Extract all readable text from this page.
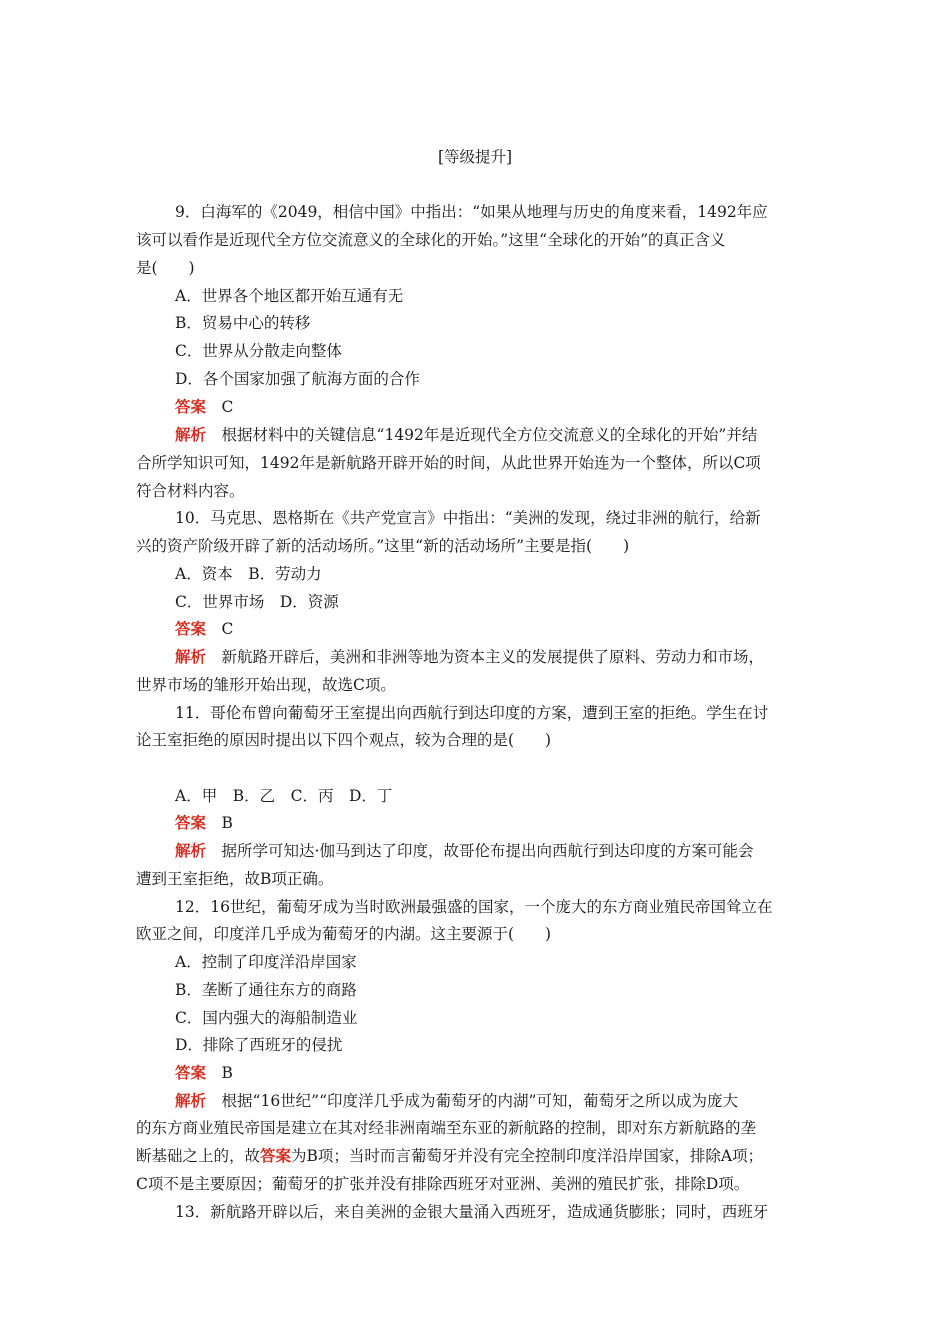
[等级提升]
9．白海军的《2049，相信中国》中指出：“如果从地理与历史的角度来看，1492年应
该可以看作是近现代全方位交流意义的全球化的开始。”这里“全球化的开始”的真正含义
是(　　)
A．世界各个地区都开始互通有无
B．贸易中心的转移
C．世界从分散走向整体
D．各个国家加强了航海方面的合作
答案　 C
解析　 根据材料中的关键信息“1492年是近现代全方位交流意义的全球化的开始”并结
合所学知识可知，1492年是新航路开辟开始的时间，从此世界开始连为一个整体，所以C项
符合材料内容。
10．马克思、恩格斯在《共产党宣言》中指出：“美洲的发现，绕过非洲的航行，给新
兴的资产阶级开辟了新的活动场所。”这里“新的活动场所”主要是指(　　)
A．资本　B．劳动力
C．世界市场　D．资源
答案　 C
解析　 新航路开辟后，美洲和非洲等地为资本主义的发展提供了原料、劳动力和市场，
世界市场的雏形开始出现，故选C项。
11．哥伦布曾向葡萄牙王室提出向西航行到达印度的方案，遭到王室的拒绝。学生在讨
论王室拒绝的原因时提出以下四个观点，较为合理的是(　　)
A．甲　B．乙　C．丙　D．丁
答案　 B
解析　 据所学可知达·伽马到达了印度，故哥伦布提出向西航行到达印度的方案可能会
遭到王室拒绝，故B项正确。
12．16世纪，葡萄牙成为当时欧洲最强盛的国家，一个庞大的东方商业殖民帝国耸立在
欧亚之间，印度洋几乎成为葡萄牙的内湖。这主要源于(　　)
A．控制了印度洋沿岸国家
B．垄断了通往东方的商路
C．国内强大的海船制造业
D．排除了西班牙的侵扰
答案　 B
解析　 根据“16世纪”“印度洋几乎成为葡萄牙的内湖”可知，葡萄牙之所以成为庞大
的东方商业殖民帝国是建立在其对经非洲南端至东亚的新航路的控制，即对东方新航路的垄
断基础之上的，故答案为B项；当时而言葡萄牙并没有完全控制印度洋沿岸国家，排除A项；
C项不是主要原因；葡萄牙的扩张并没有排除西班牙对亚洲、美洲的殖民扩张，排除D项。
13．新航路开辟以后，来自美洲的金银大量涌入西班牙，造成通货膨胀；同时，西班牙
